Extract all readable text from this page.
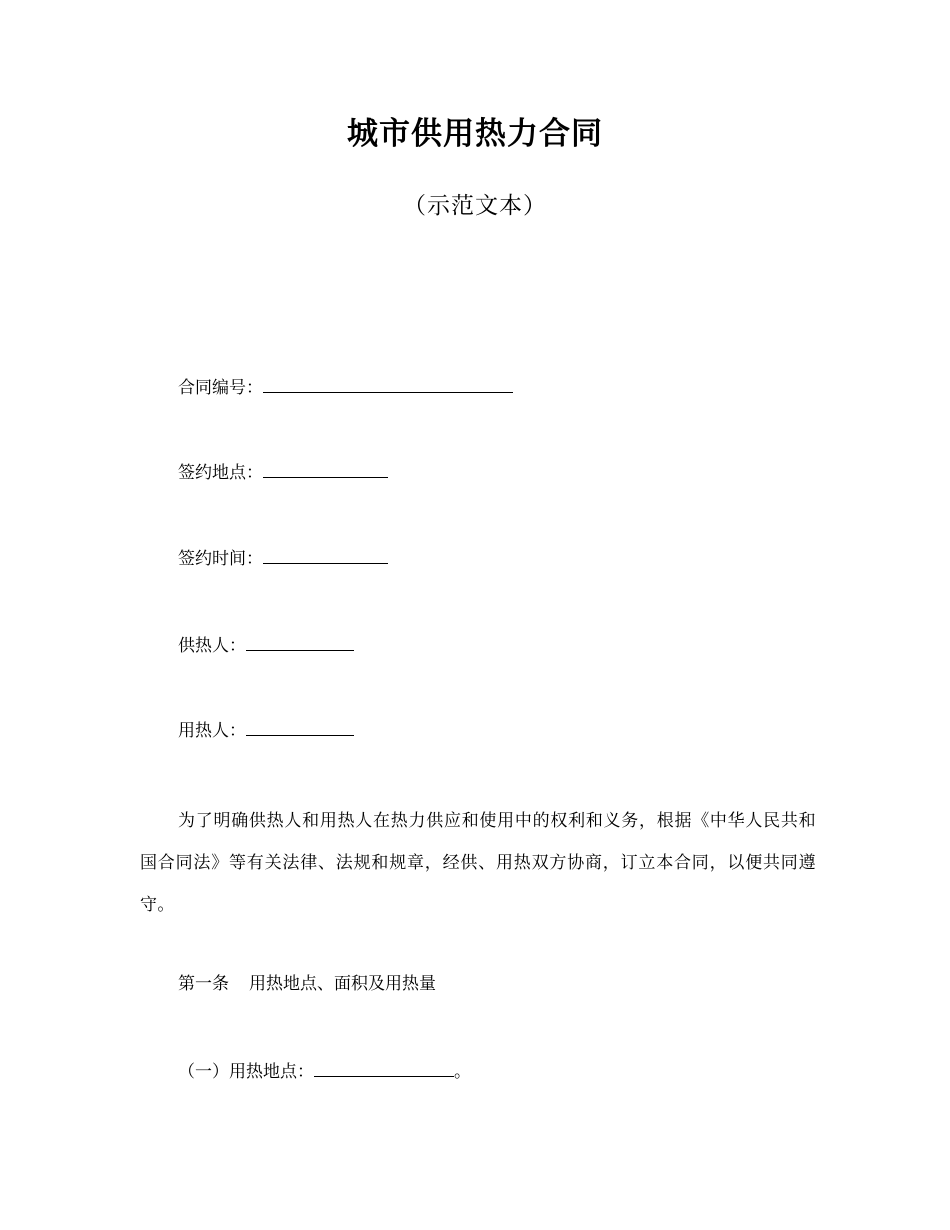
城市供用热力合同
（示范文本）
合同编号：
签约地点：
签约时间：
供热人：
用热人：
为了明确供热人和用热人在热力供应和使用中的权利和义务，根据《中华人民共和国合同法》等有关法律、法规和规章，经供、用热双方协商，订立本合同，以便共同遵守。
第一条 用热地点、面积及用热量
（一）用热地点：	。
